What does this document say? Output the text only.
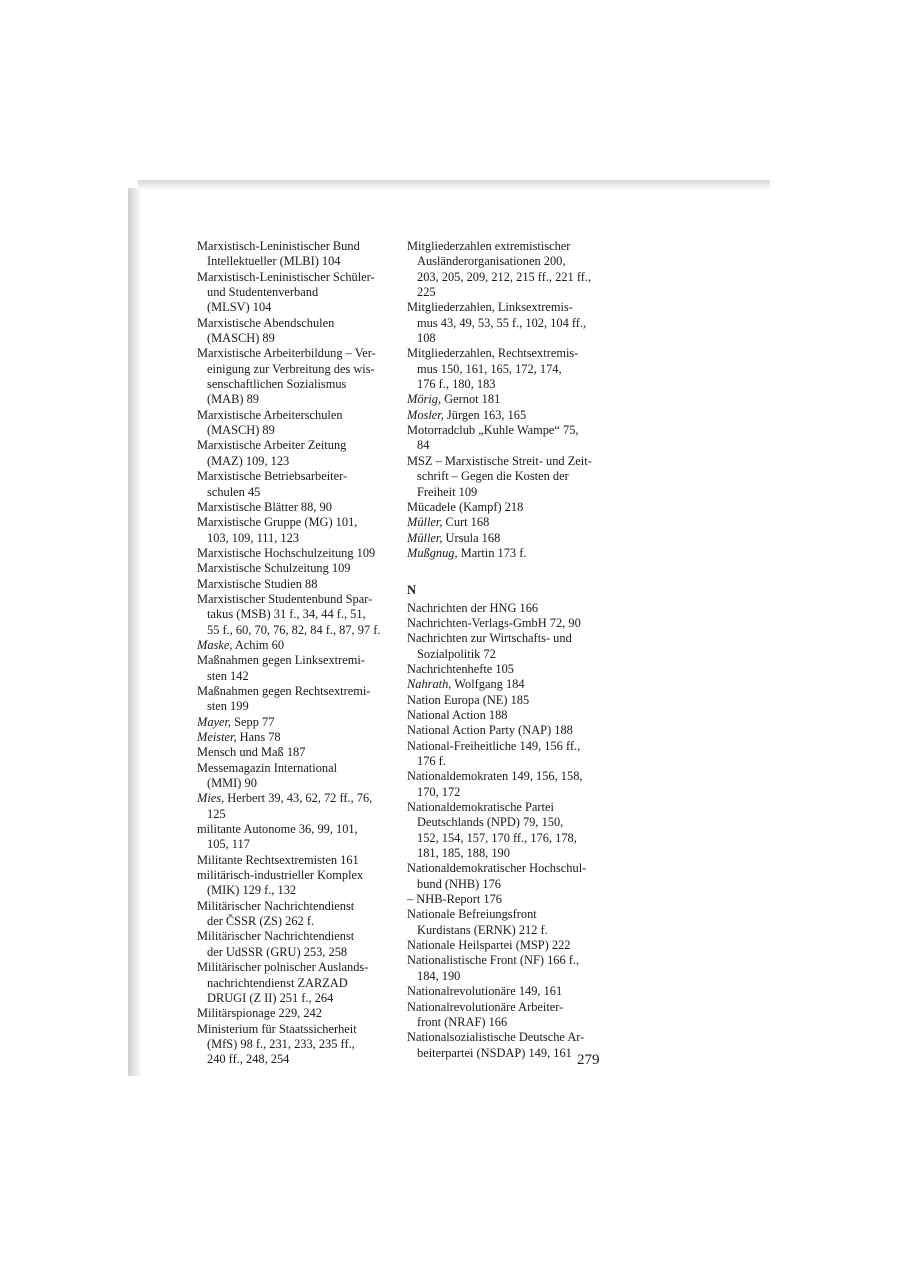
Marxistisch-Leninistischer Bund
Intellektueller (MLBI) 104
Marxistisch-Leninistischer Schüler-
und Studentenverband
(MLSV) 104
Marxistische Abendschulen
(MASCH) 89
Marxistische Arbeiterbildung – Ver-
einigung zur Verbreitung des wis-
senschaftlichen Sozialismus
(MAB) 89
Marxistische Arbeiterschulen
(MASCH) 89
Marxistische Arbeiter Zeitung
(MAZ) 109, 123
Marxistische Betriebsarbeiter-
schulen 45
Marxistische Blätter 88, 90
Marxistische Gruppe (MG) 101,
103, 109, 111, 123
Marxistische Hochschulzeitung 109
Marxistische Schulzeitung 109
Marxistische Studien 88
Marxistischer Studentenbund Spar-
takus (MSB) 31 f., 34, 44 f., 51,
55 f., 60, 70, 76, 82, 84 f., 87, 97 f.
Maske, Achim 60
Maßnahmen gegen Linksextremi-
sten 142
Maßnahmen gegen Rechtsextremi-
sten 199
Mayer, Sepp 77
Meister, Hans 78
Mensch und Maß 187
Messemagazin International
(MMI) 90
Mies, Herbert 39, 43, 62, 72 ff., 76,
125
militante Autonome 36, 99, 101,
105, 117
Militante Rechtsextremisten 161
militärisch-industrieller Komplex
(MIK) 129 f., 132
Militärischer Nachrichtendienst
der ČSSR (ZS) 262 f.
Militärischer Nachrichtendienst
der UdSSR (GRU) 253, 258
Militärischer polnischer Auslands-
nachrichtendienst ZARZAD
DRUGI (Z II) 251 f., 264
Militärspionage 229, 242
Ministerium für Staatssicherheit
(MfS) 98 f., 231, 233, 235 ff.,
240 ff., 248, 254
Mitgliederzahlen extremistischer
Ausländerorganisationen 200,
203, 205, 209, 212, 215 ff., 221 ff.,
225
Mitgliederzahlen, Linksextremis-
mus 43, 49, 53, 55 f., 102, 104 ff.,
108
Mitgliederzahlen, Rechtsextremis-
mus 150, 161, 165, 172, 174,
176 f., 180, 183
Mörig, Gernot 181
Mosler, Jürgen 163, 165
Motorradclub „Kuhle Wampe“ 75,
84
MSZ – Marxistische Streit- und Zeit-
schrift – Gegen die Kosten der
Freiheit 109
Mücadele (Kampf) 218
Müller, Curt 168
Müller, Ursula 168
Mußgnug, Martin 173 f.
N
Nachrichten der HNG 166
Nachrichten-Verlags-GmbH 72, 90
Nachrichten zur Wirtschafts- und
Sozialpolitik 72
Nachrichtenhefte 105
Nahrath, Wolfgang 184
Nation Europa (NE) 185
National Action 188
National Action Party (NAP) 188
National-Freiheitliche 149, 156 ff.,
176 f.
Nationaldemokraten 149, 156, 158,
170, 172
Nationaldemokratische Partei
Deutschlands (NPD) 79, 150,
152, 154, 157, 170 ff., 176, 178,
181, 185, 188, 190
Nationaldemokratischer Hochschul-
bund (NHB) 176
– NHB-Report 176
Nationale Befreiungsfront
Kurdistans (ERNK) 212 f.
Nationale Heilspartei (MSP) 222
Nationalistische Front (NF) 166 f.,
184, 190
Nationalrevolutionäre 149, 161
Nationalrevolutionäre Arbeiter-
front (NRAF) 166
Nationalsozialistische Deutsche Ar-
beiterpartei (NSDAP) 149, 161 279
